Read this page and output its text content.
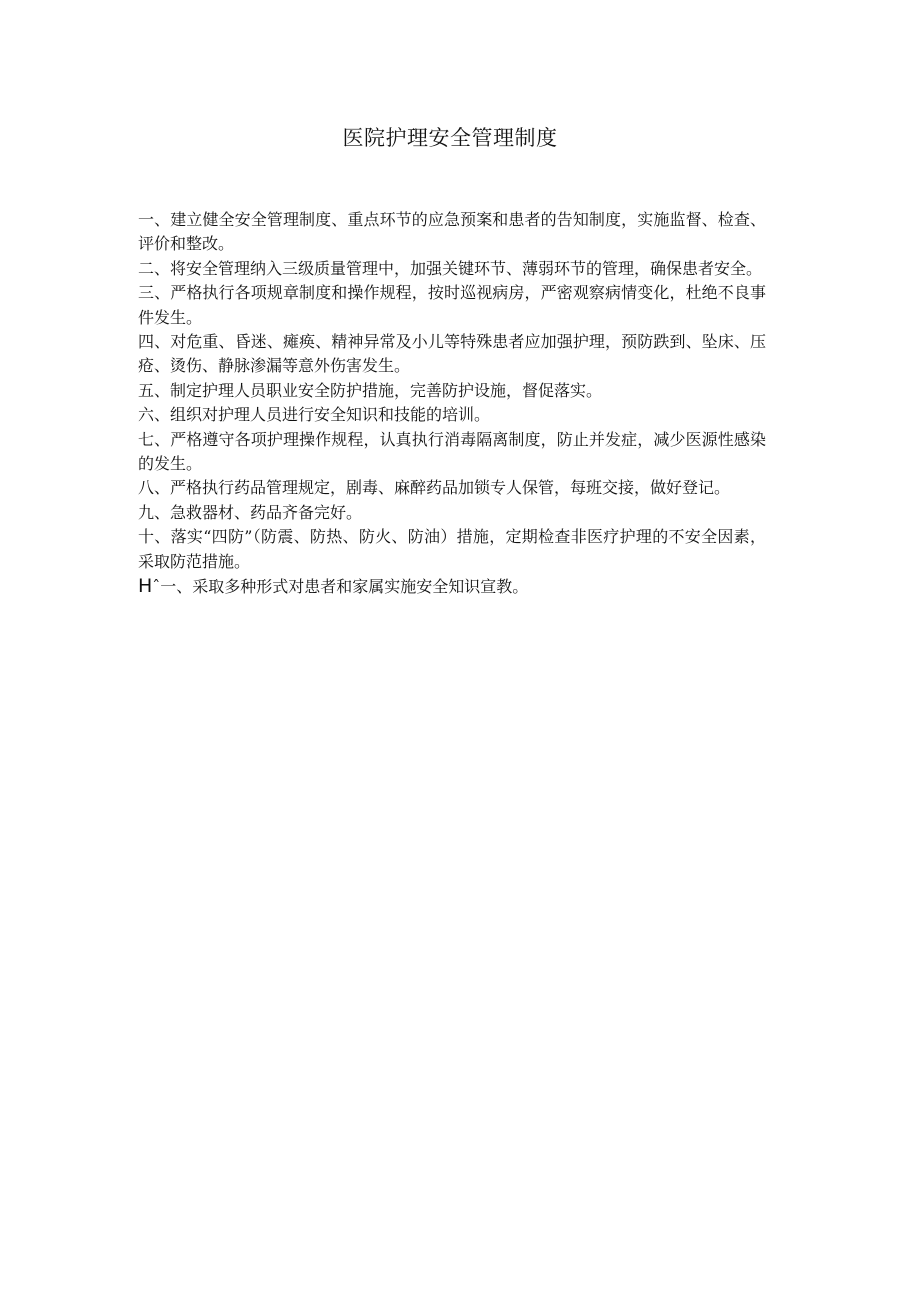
医院护理安全管理制度
一、建立健全安全管理制度、重点环节的应急预案和患者的告知制度，实施监督、检查、评价和整改。
二、将安全管理纳入三级质量管理中，加强关键环节、薄弱环节的管理，确保患者安全。
三、严格执行各项规章制度和操作规程，按时巡视病房，严密观察病情变化，杜绝不良事件发生。
四、对危重、昏迷、瘫痪、精神异常及小儿等特殊患者应加强护理，预防跌到、坠床、压疮、烫伤、静脉渗漏等意外伤害发生。
五、制定护理人员职业安全防护措施，完善防护设施，督促落实。
六、组织对护理人员进行安全知识和技能的培训。
七、严格遵守各项护理操作规程，认真执行消毒隔离制度，防止并发症，减少医源性感染的发生。
八、严格执行药品管理规定，剧毒、麻醉药品加锁专人保管，每班交接，做好登记。
九、急救器材、药品齐备完好。
十、落实“四防”（防震、防热、防火、防油）措施，定期检查非医疗护理的不安全因素，采取防范措施。
Hˆ一、采取多种形式对患者和家属实施安全知识宣教。
